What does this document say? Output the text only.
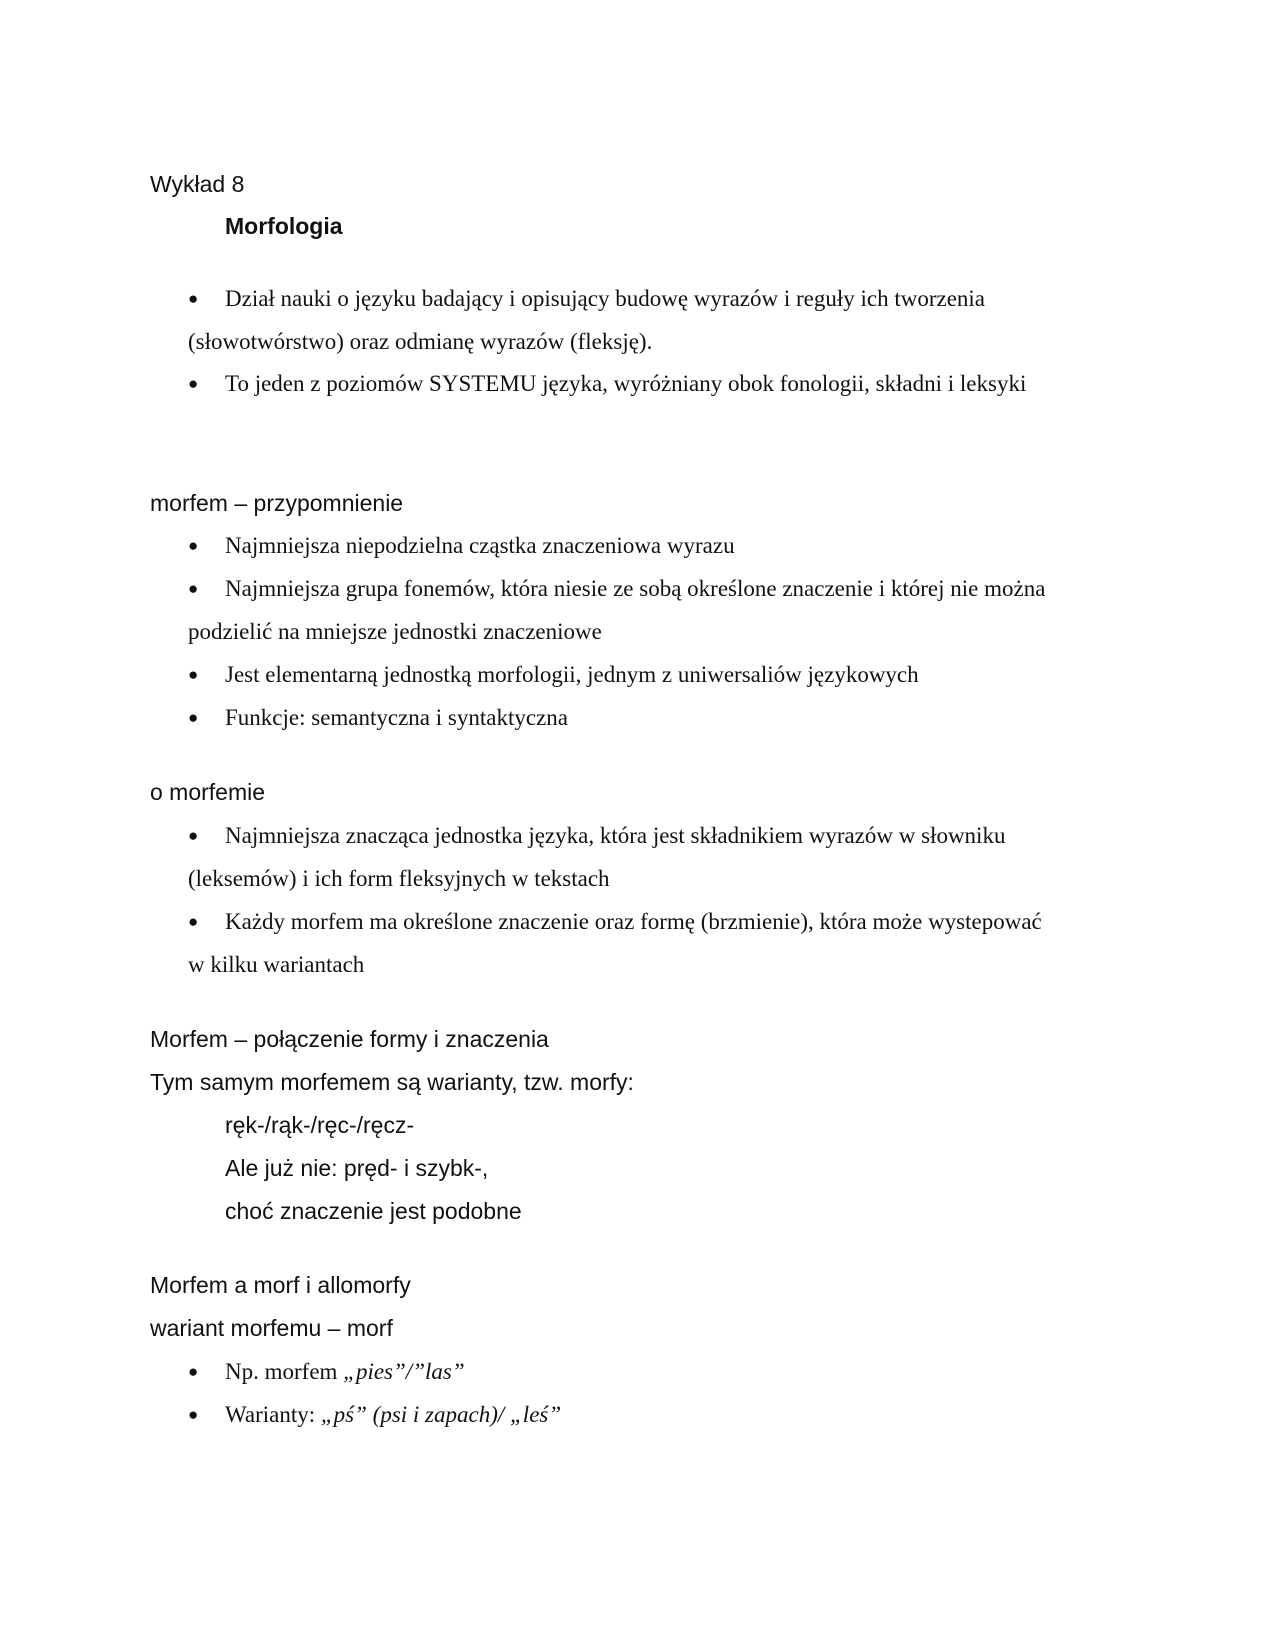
Wykład 8
Morfologia
● Dział nauki o języku badający i opisujący budowę wyrazów i reguły ich tworzenia
(słowotwórstwo) oraz odmianę wyrazów (fleksję).
● To jeden z poziomów SYSTEMU języka, wyróżniany obok fonologii, składni i leksyki
morfem – przypomnienie
● Najmniejsza niepodzielna cząstka znaczeniowa wyrazu
● Najmniejsza grupa fonemów, która niesie ze sobą określone znaczenie i której nie można
podzielić na mniejsze jednostki znaczeniowe
● Jest elementarną jednostką morfologii, jednym z uniwersaliów językowych
● Funkcje: semantyczna i syntaktyczna
o morfemie
● Najmniejsza znacząca jednostka języka, która jest składnikiem wyrazów w słowniku
(leksemów) i ich form fleksyjnych w tekstach
● Każdy morfem ma określone znaczenie oraz formę (brzmienie), która może wystepować
w kilku wariantach
Morfem – połączenie formy i znaczenia
Tym samym morfemem są warianty, tzw. morfy:
ręk-/rąk-/ręc-/ręcz-
Ale już nie: pręd- i szybk-,
choć znaczenie jest podobne
Morfem a morf i allomorfy
wariant morfemu – morf
● Np. morfem „pies”/”las”
● Warianty: „pś” (psi i zapach)/ „leś”
